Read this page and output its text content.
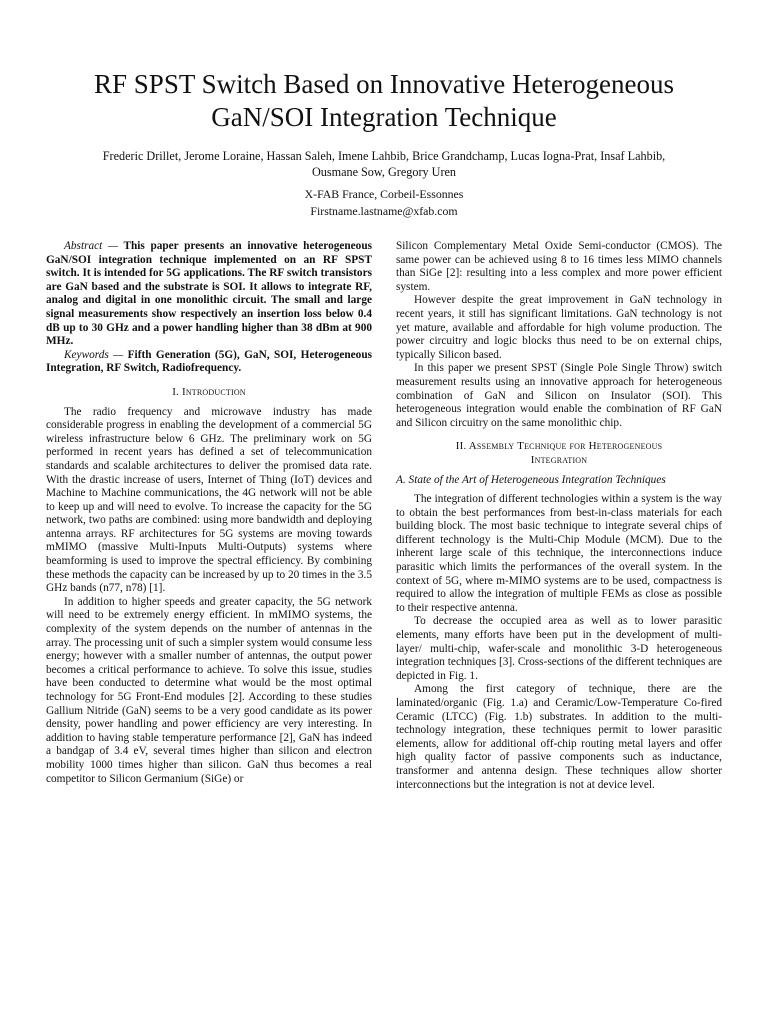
RF SPST Switch Based on Innovative Heterogeneous
GaN/SOI Integration Technique
Frederic Drillet, Jerome Loraine, Hassan Saleh, Imene Lahbib, Brice Grandchamp, Lucas Iogna-Prat, Insaf Lahbib,
Ousmane Sow, Gregory Uren
X-FAB France, Corbeil-Essonnes
Firstname.lastname@xfab.com

Abstract — This paper presents an innovative heterogeneous GaN/SOI integration technique implemented on an RF SPST switch. It is intended for 5G applications. The RF switch transistors are GaN based and the substrate is SOI. It allows to integrate RF, analog and digital in one monolithic circuit. The small and large signal measurements show respectively an insertion loss below 0.4 dB up to 30 GHz and a power handling higher than 38 dBm at 900 MHz.

Keywords — Fifth Generation (5G), GaN, SOI, Heterogeneous Integration, RF Switch, Radiofrequency.

I. Introduction

The radio frequency and microwave industry has made considerable progress in enabling the development of a commercial 5G wireless infrastructure below 6 GHz. The preliminary work on 5G performed in recent years has defined a set of telecommunication standards and scalable architectures to deliver the promised data rate. With the drastic increase of users, Internet of Thing (IoT) devices and Machine to Machine communications, the 4G network will not be able to keep up and will need to evolve. To increase the capacity for the 5G network, two paths are combined: using more bandwidth and deploying antenna arrays. RF architectures for 5G systems are moving towards mMIMO (massive Multi-Inputs Multi-Outputs) systems where beamforming is used to improve the spectral efficiency. By combining these methods the capacity can be increased by up to 20 times in the 3.5 GHz bands (n77, n78) [1].

In addition to higher speeds and greater capacity, the 5G network will need to be extremely energy efficient. In mMIMO systems, the complexity of the system depends on the number of antennas in the array. The processing unit of such a simpler system would consume less energy; however with a smaller number of antennas, the output power becomes a critical performance to achieve. To solve this issue, studies have been conducted to determine what would be the most optimal technology for 5G Front-End modules [2]. According to these studies Gallium Nitride (GaN) seems to be a very good candidate as its power density, power handling and power efficiency are very interesting. In addition to having stable temperature performance [2], GaN has indeed a bandgap of 3.4 eV, several times higher than silicon and electron mobility 1000 times higher than silicon. GaN thus becomes a real competitor to Silicon Germanium (SiGe) or

Silicon Complementary Metal Oxide Semi-conductor (CMOS). The same power can be achieved using 8 to 16 times less MIMO channels than SiGe [2]: resulting into a less complex and more power efficient system.

However despite the great improvement in GaN technology in recent years, it still has significant limitations. GaN technology is not yet mature, available and affordable for high volume production. The power circuitry and logic blocks thus need to be on external chips, typically Silicon based.

In this paper we present SPST (Single Pole Single Throw) switch measurement results using an innovative approach for heterogeneous combination of GaN and Silicon on Insulator (SOI). This heterogeneous integration would enable the combination of RF GaN and Silicon circuitry on the same monolithic chip.

II. Assembly Technique for Heterogeneous
Integration
A. State of the Art of Heterogeneous Integration Techniques

The integration of different technologies within a system is the way to obtain the best performances from best-in-class materials for each building block. The most basic technique to integrate several chips of different technology is the Multi-Chip Module (MCM). Due to the inherent large scale of this technique, the interconnections induce parasitic which limits the performances of the overall system. In the context of 5G, where m-MIMO systems are to be used, compactness is required to allow the integration of multiple FEMs as close as possible to their respective antenna.

To decrease the occupied area as well as to lower parasitic elements, many efforts have been put in the development of multi-layer/ multi-chip, wafer-scale and monolithic 3-D heterogeneous integration techniques [3]. Cross-sections of the different techniques are depicted in Fig. 1.

Among the first category of technique, there are the laminated/organic (Fig. 1.a) and Ceramic/Low-Temperature Co-fired Ceramic (LTCC) (Fig. 1.b) substrates. In addition to the multi-technology integration, these techniques permit to lower parasitic elements, allow for additional off-chip routing metal layers and offer high quality factor of passive components such as inductance, transformer and antenna design. These techniques allow shorter interconnections but the integration is not at device level.
